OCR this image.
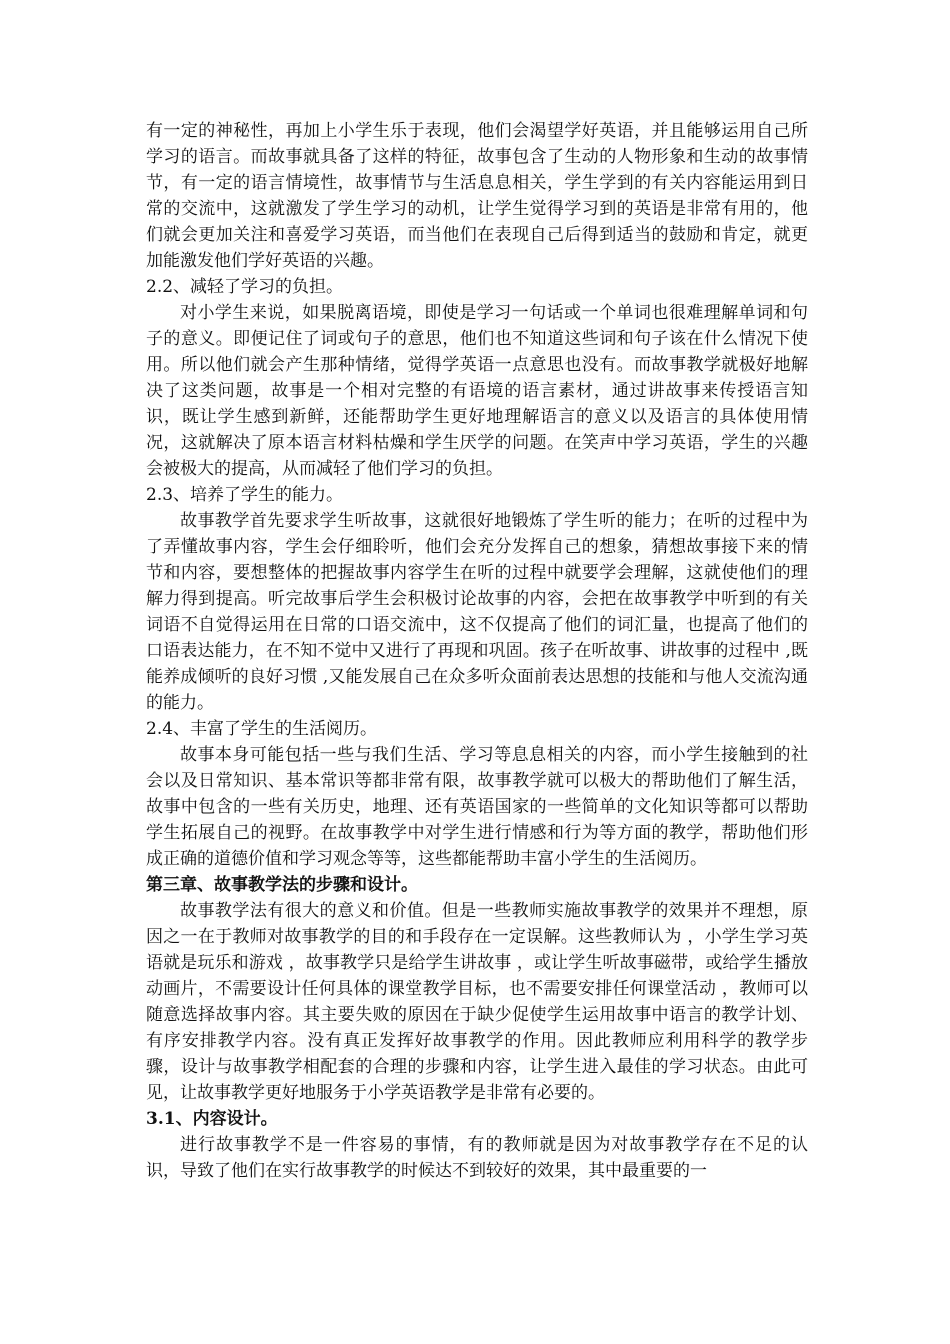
有一定的神秘性，再加上小学生乐于表现，他们会渴望学好英语，并且能够运用自己所学习的语言。而故事就具备了这样的特征，故事包含了生动的人物形象和生动的故事情节，有一定的语言情境性，故事情节与生活息息相关，学生学到的有关内容能运用到日常的交流中，这就激发了学生学习的动机，让学生觉得学习到的英语是非常有用的，他们就会更加关注和喜爱学习英语，而当他们在表现自己后得到适当的鼓励和肯定，就更加能激发他们学好英语的兴趣。

2.2、减轻了学习的负担。

对小学生来说，如果脱离语境，即使是学习一句话或一个单词也很难理解单词和句子的意义。即便记住了词或句子的意思，他们也不知道这些词和句子该在什么情况下使用。所以他们就会产生那种情绪，觉得学英语一点意思也没有。而故事教学就极好地解决了这类问题，故事是一个相对完整的有语境的语言素材，通过讲故事来传授语言知识，既让学生感到新鲜，还能帮助学生更好地理解语言的意义以及语言的具体使用情况，这就解决了原本语言材料枯燥和学生厌学的问题。在笑声中学习英语，学生的兴趣会被极大的提高，从而减轻了他们学习的负担。

2.3、培养了学生的能力。

故事教学首先要求学生听故事，这就很好地锻炼了学生听的能力；在听的过程中为了弄懂故事内容，学生会仔细聆听，他们会充分发挥自己的想象，猜想故事接下来的情节和内容，要想整体的把握故事内容学生在听的过程中就要学会理解，这就使他们的理解力得到提高。听完故事后学生会积极讨论故事的内容，会把在故事教学中听到的有关词语不自觉得运用在日常的口语交流中，这不仅提高了他们的词汇量，也提高了他们的口语表达能力，在不知不觉中又进行了再现和巩固。孩子在听故事、讲故事的过程中 ,既能养成倾听的良好习惯 ,又能发展自己在众多听众面前表达思想的技能和与他人交流沟通的能力。

2.4、丰富了学生的生活阅历。

故事本身可能包括一些与我们生活、学习等息息相关的内容，而小学生接触到的社会以及日常知识、基本常识等都非常有限，故事教学就可以极大的帮助他们了解生活，故事中包含的一些有关历史，地理、还有英语国家的一些简单的文化知识等都可以帮助学生拓展自己的视野。在故事教学中对学生进行情感和行为等方面的教学，帮助他们形成正确的道德价值和学习观念等等，这些都能帮助丰富小学生的生活阅历。

第三章、故事教学法的步骤和设计。

故事教学法有很大的意义和价值。但是一些教师实施故事教学的效果并不理想，原因之一在于教师对故事教学的目的和手段存在一定误解。这些教师认为 ，小学生学习英语就是玩乐和游戏 ，故事教学只是给学生讲故事 ，或让学生听故事磁带，或给学生播放动画片，不需要设计任何具体的课堂教学目标，也不需要安排任何课堂活动 ，教师可以随意选择故事内容。其主要失败的原因在于缺少促使学生运用故事中语言的教学计划、有序安排教学内容。没有真正发挥好故事教学的作用。因此教师应利用科学的教学步骤，设计与故事教学相配套的合理的步骤和内容，让学生进入最佳的学习状态。由此可见，让故事教学更好地服务于小学英语教学是非常有必要的。

3.1、内容设计。

进行故事教学不是一件容易的事情，有的教师就是因为对故事教学存在不足的认识，导致了他们在实行故事教学的时候达不到较好的效果，其中最重要的一
